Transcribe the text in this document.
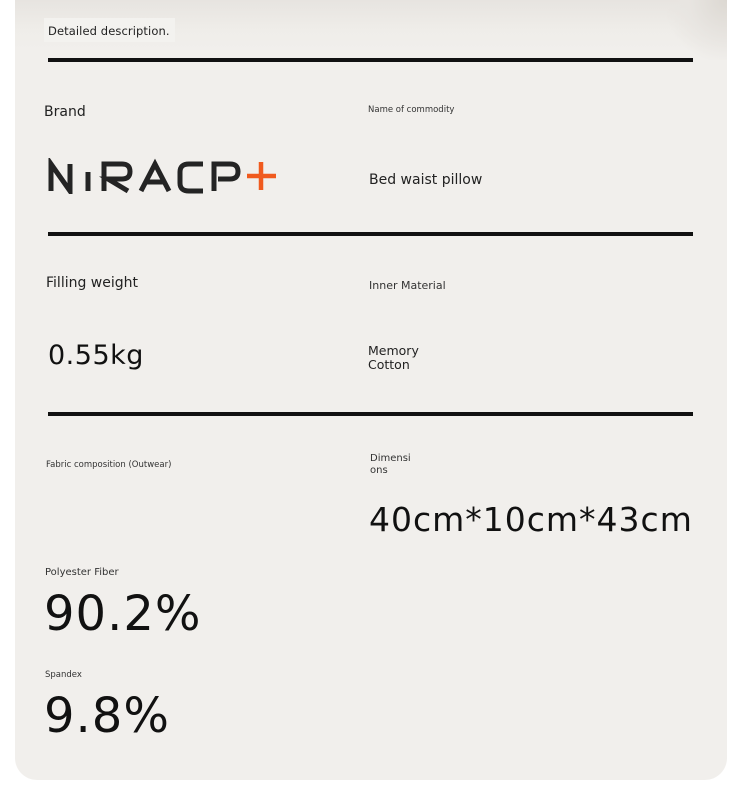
Detailed description.
Brand	Name of commodity
Bed waist pillow
Filling weight
0.55kg
Inner Material
Memory
Cotton
Fabric composition (Outwear)
Polyester Fiber
90.2%
Spandex
9.8%
Dimensi
ons
40cm*10cm*43cm
